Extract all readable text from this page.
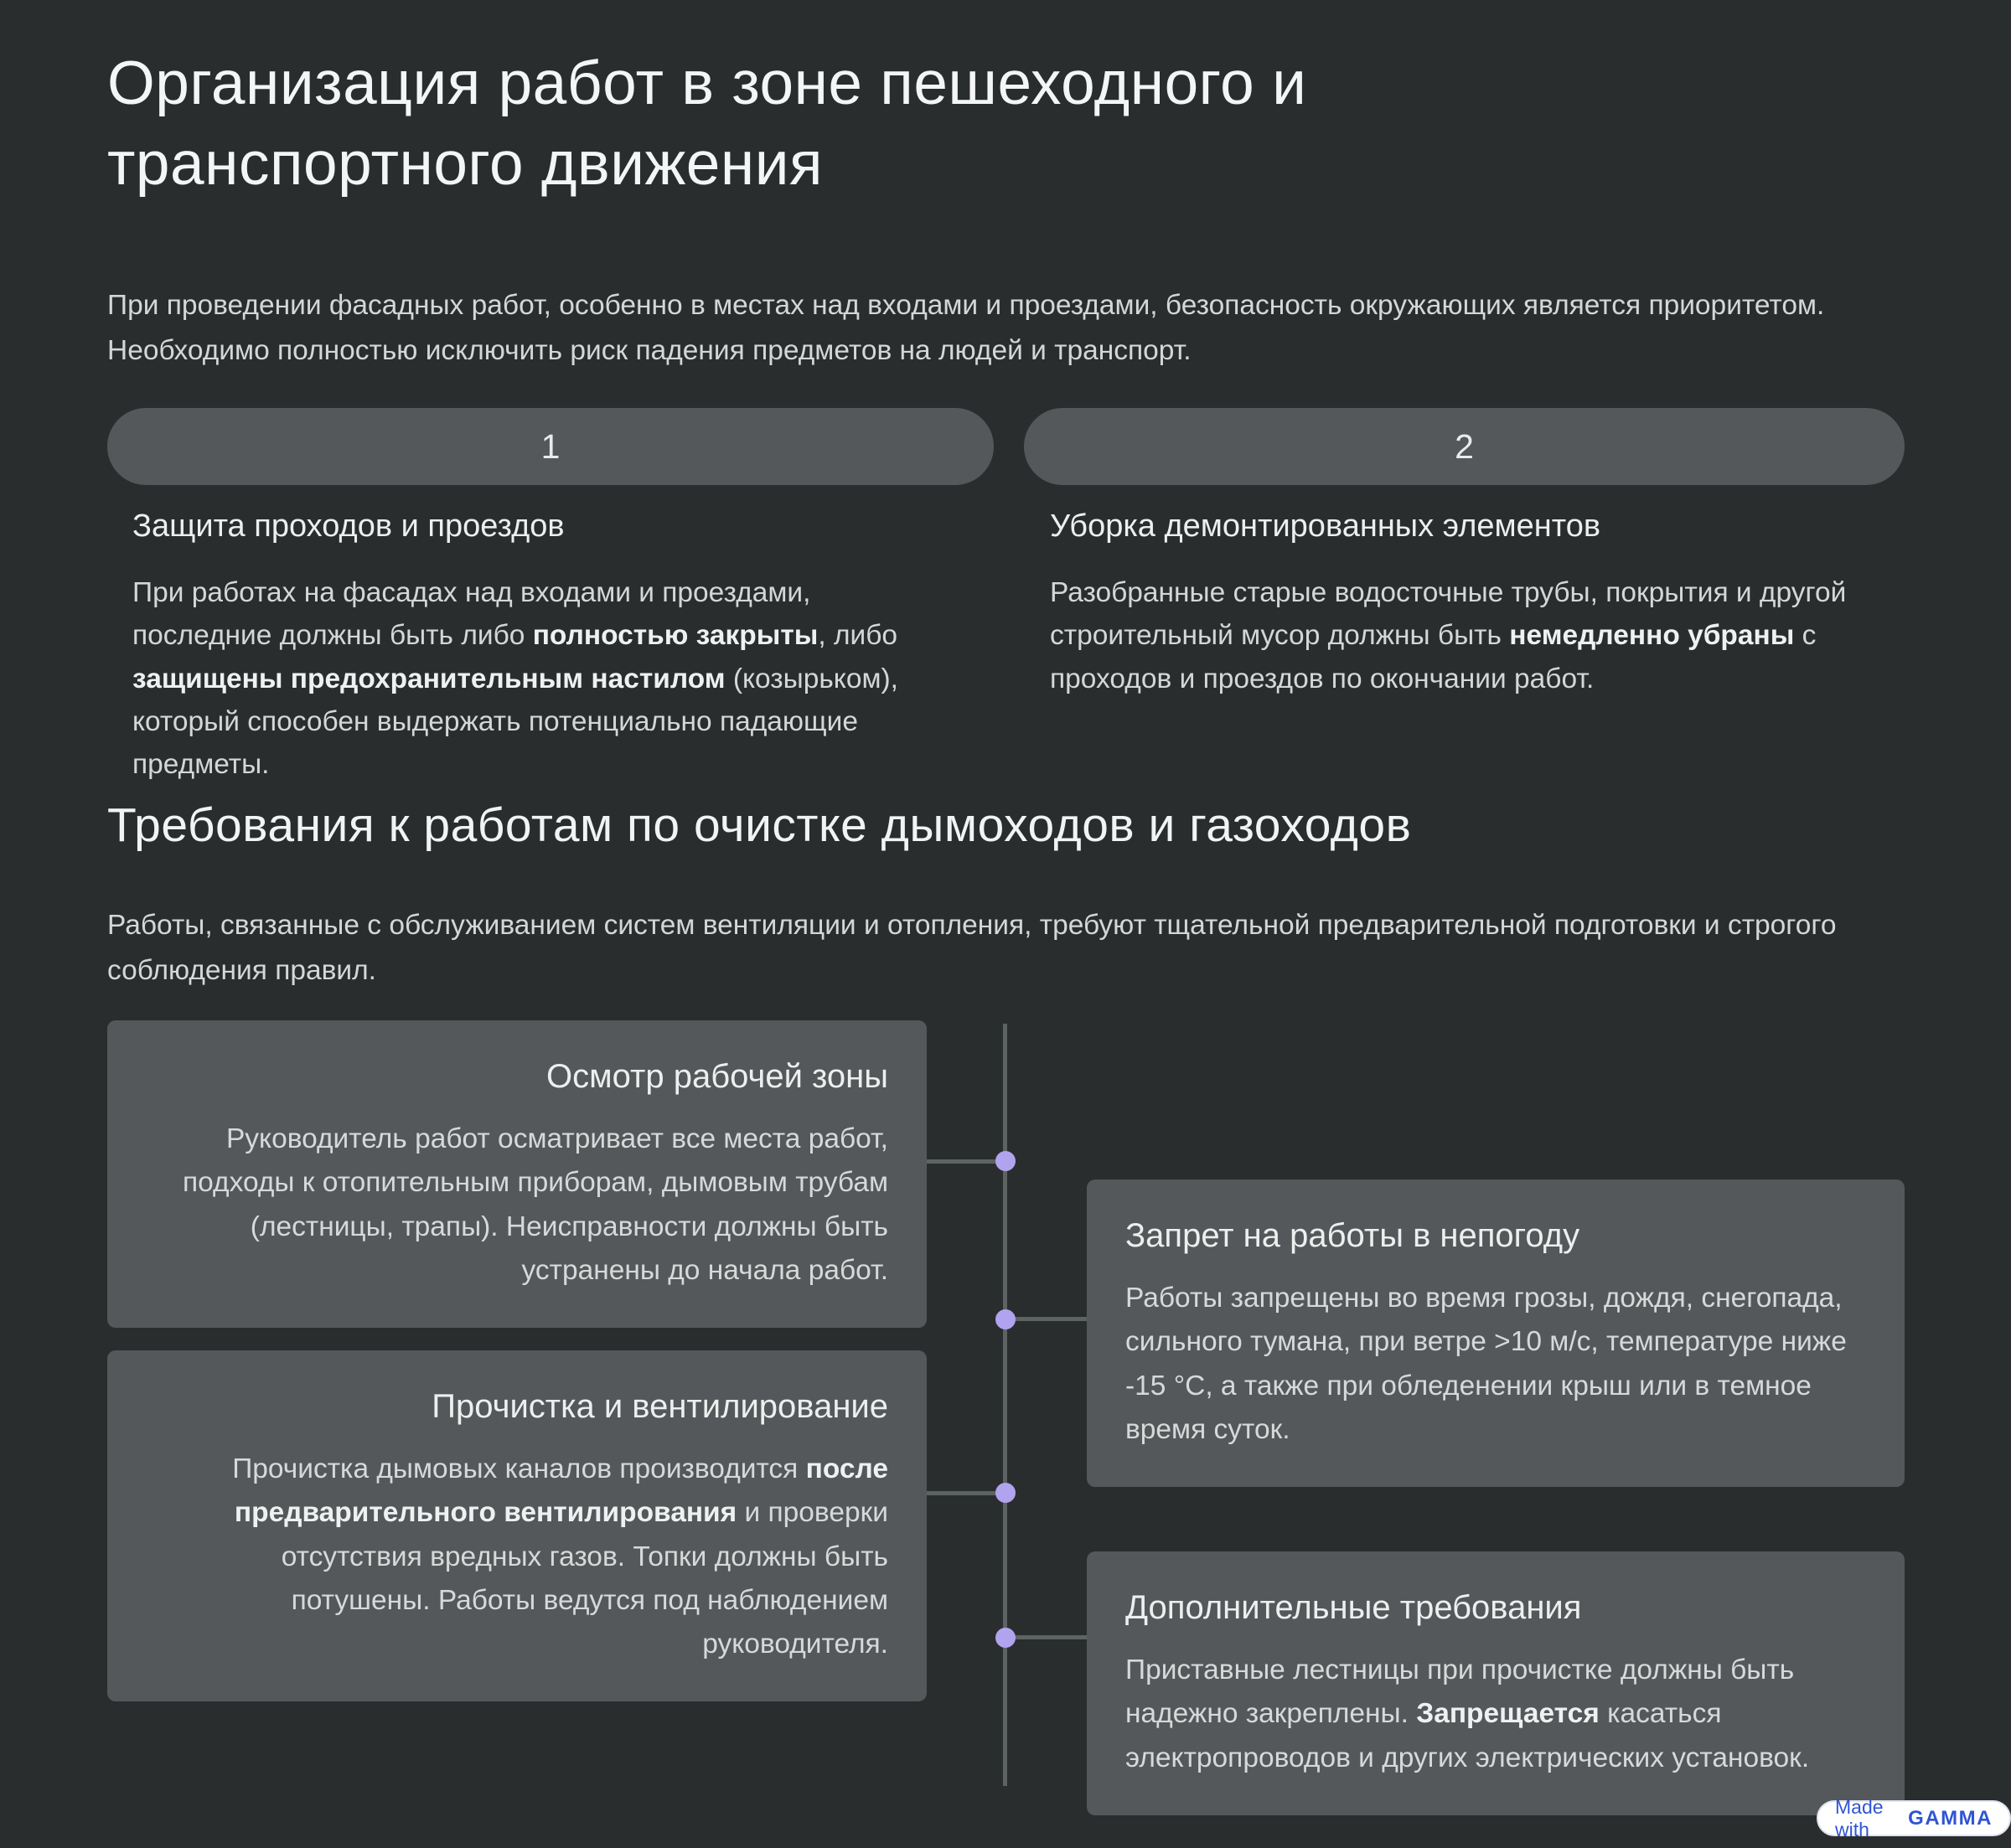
Организация работ в зоне пешеходного и транспортного движения

При проведении фасадных работ, особенно в местах над входами и проездами, безопасность окружающих является приоритетом. Необходимо полностью исключить риск падения предметов на людей и транспорт.

1	2
Защита проходов и проездов	Уборка демонтированных элементов

При работах на фасадах над входами и проездами, последние должны быть либо полностью закрыты, либо защищены предохранительным настилом (козырьком), который способен выдержать потенциально падающие предметы.

Разобранные старые водосточные трубы, покрытия и другой строительный мусор должны быть немедленно убраны с проходов и проездов по окончании работ.

Требования к работам по очистке дымоходов и газоходов

Работы, связанные с обслуживанием систем вентиляции и отопления, требуют тщательной предварительной подготовки и строгого соблюдения правил.

Осмотр рабочей зоны

Руководитель работ осматривает все места работ, подходы к отопительным приборам, дымовым трубам (лестницы, трапы). Неисправности должны быть устранены до начала работ.

Запрет на работы в непогоду

Работы запрещены во время грозы, дождя, снегопада, сильного тумана, при ветре >10 м/с, температуре ниже -15 °C, а также при обледенении крыш или в темное время суток.

Прочистка и вентилирование

Прочистка дымовых каналов производится после предварительного вентилирования и проверки отсутствия вредных газов. Топки должны быть потушены. Работы ведутся под наблюдением руководителя.

Дополнительные требования

Приставные лестницы при прочистке должны быть надежно закреплены. Запрещается касаться электропроводов и других электрических установок.

Made with	GAMMA
